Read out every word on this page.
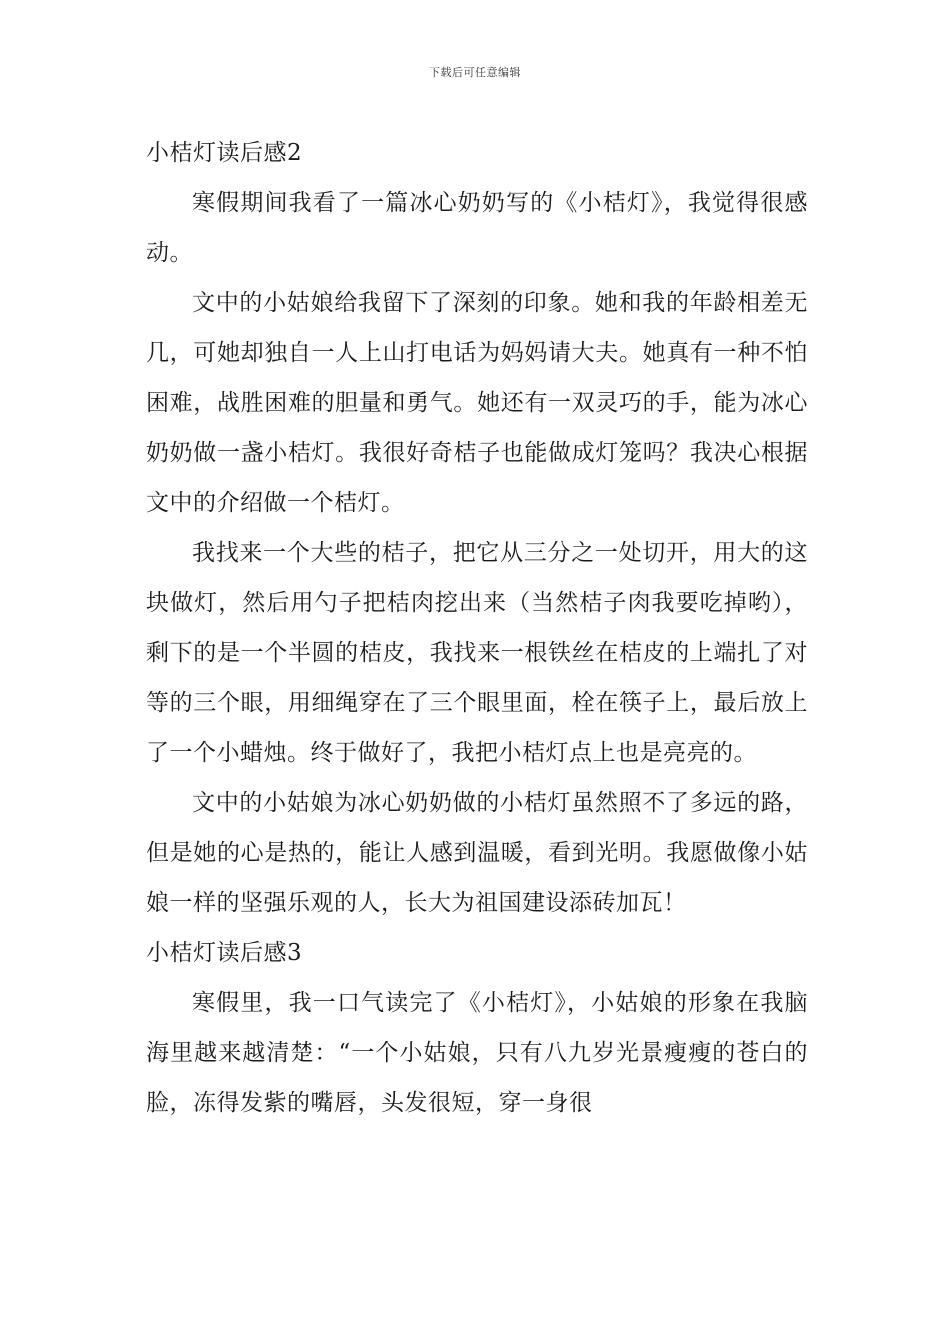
下载后可任意编辑
小桔灯读后感2

寒假期间我看了一篇冰心奶奶写的《小桔灯》，我觉得很感动。

文中的小姑娘给我留下了深刻的印象。她和我的年龄相差无几，可她却独自一人上山打电话为妈妈请大夫。她真有一种不怕困难，战胜困难的胆量和勇气。她还有一双灵巧的手，能为冰心奶奶做一盏小桔灯。我很好奇桔子也能做成灯笼吗？我决心根据文中的介绍做一个桔灯。

我找来一个大些的桔子，把它从三分之一处切开，用大的这块做灯，然后用勺子把桔肉挖出来（当然桔子肉我要吃掉哟），剩下的是一个半圆的桔皮，我找来一根铁丝在桔皮的上端扎了对等的三个眼，用细绳穿在了三个眼里面，栓在筷子上，最后放上了一个小蜡烛。终于做好了，我把小桔灯点上也是亮亮的。

文中的小姑娘为冰心奶奶做的小桔灯虽然照不了多远的路，但是她的心是热的，能让人感到温暖，看到光明。我愿做像小姑娘一样的坚强乐观的人，长大为祖国建设添砖加瓦！

小桔灯读后感3

寒假里，我一口气读完了《小桔灯》，小姑娘的形象在我脑海里越来越清楚：“一个小姑娘，只有八九岁光景瘦瘦的苍白的脸，冻得发紫的嘴唇，头发很短，穿一身很
